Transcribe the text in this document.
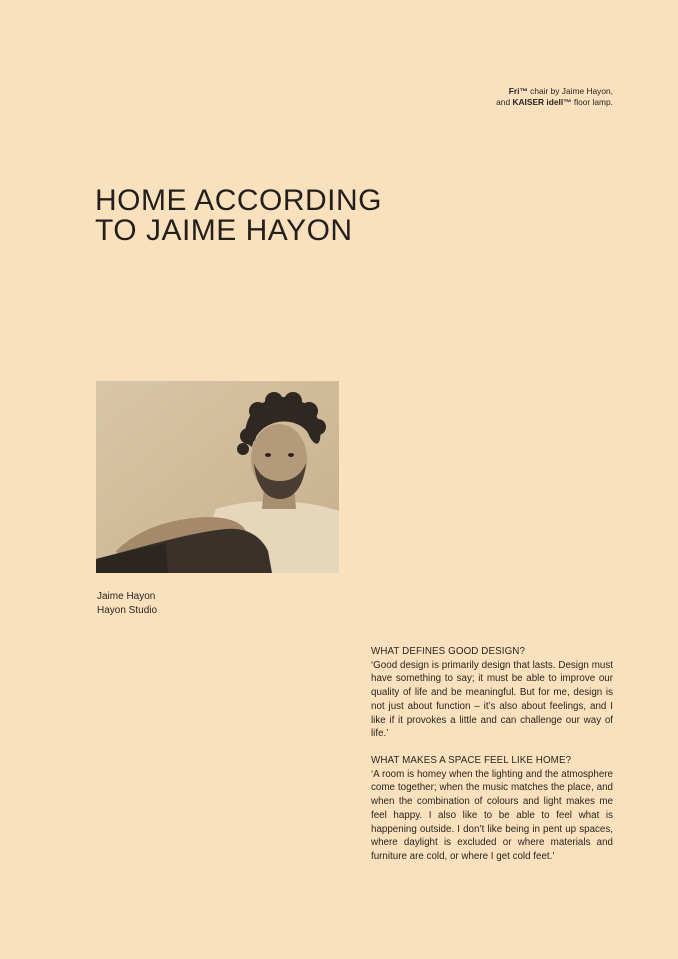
Fri™ chair by Jaime Hayon,
and KAISER idell™ floor lamp.
HOME ACCORDING
TO JAIME HAYON
Jaime Hayon
Hayon Studio
WHAT DEFINES GOOD DESIGN?
‘Good design is primarily design that lasts. Design must have something to say; it must be able to improve our quality of life and be meaningful. But for me, design is not just about function – it’s also about feelings, and I like if it provokes a little and can challenge our way of life.’
WHAT MAKES A SPACE FEEL LIKE HOME?
‘A room is homey when the lighting and the atmosphere come together; when the music matches the place, and when the combination of colours and light makes me feel happy. I also like to be able to feel what is happening outside. I don’t like being in pent up spaces, where daylight is excluded or where materials and furniture are cold, or where I get cold feet.’
